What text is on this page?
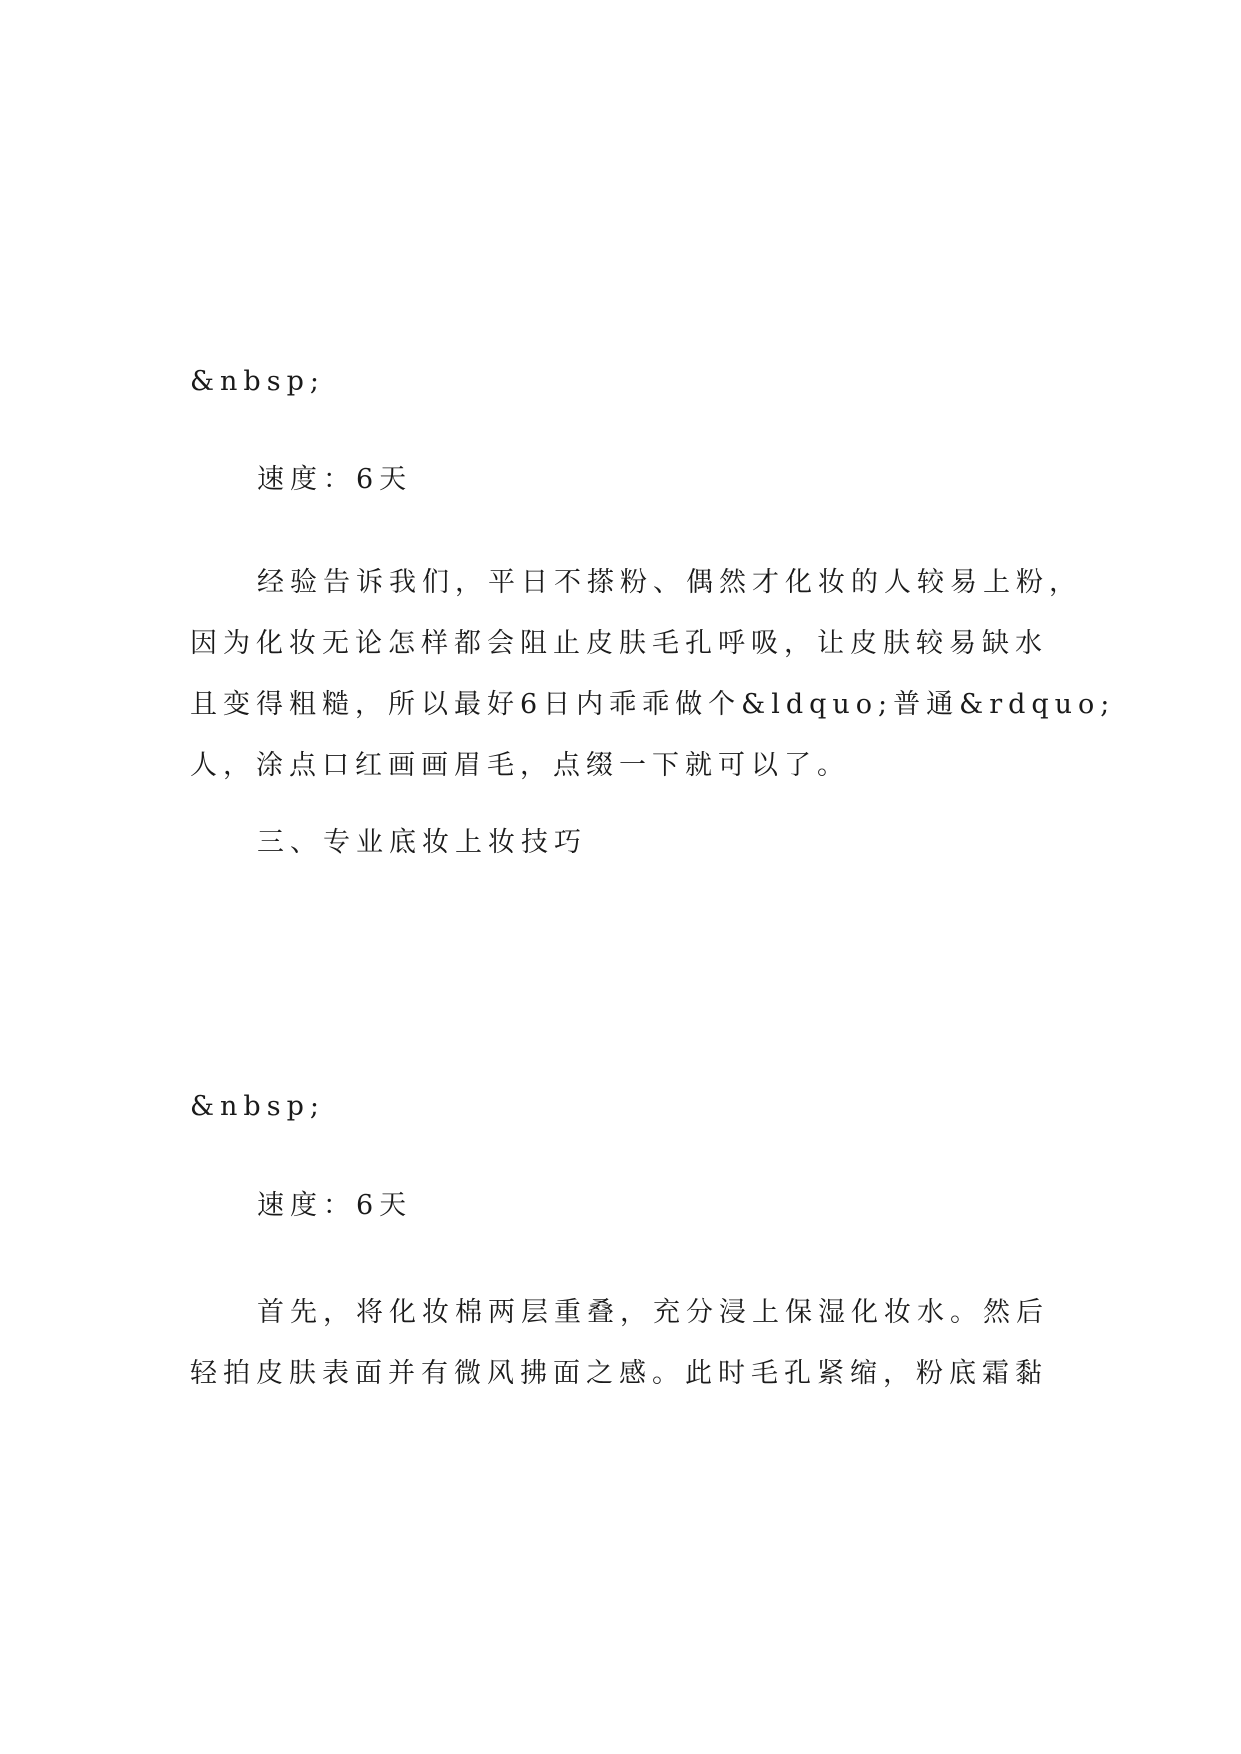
&nbsp;
速度：6天
经验告诉我们，平日不搽粉、偶然才化妆的人较易上粉，
因为化妆无论怎样都会阻止皮肤毛孔呼吸，让皮肤较易缺水
且变得粗糙，所以最好6日内乖乖做个&ldquo;普通&rdquo;
人，涂点口红画画眉毛，点缀一下就可以了。
三、专业底妆上妆技巧
&nbsp;
速度：6天
首先，将化妆棉两层重叠，充分浸上保湿化妆水。然后
轻拍皮肤表面并有微风拂面之感。此时毛孔紧缩，粉底霜黏
